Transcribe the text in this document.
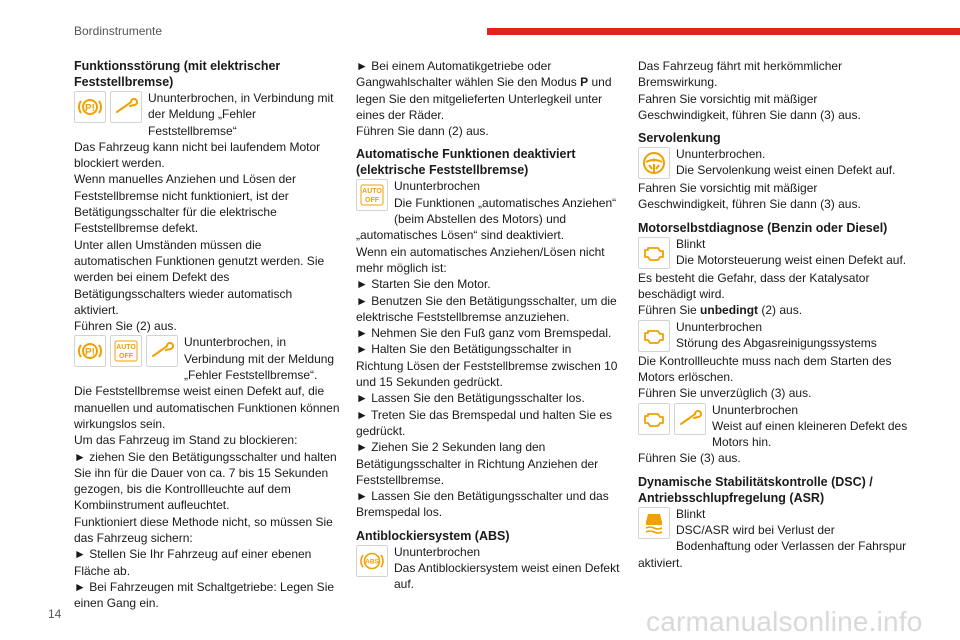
Bordinstrumente
Funktionsstörung (mit elektrischer Feststellbremse)
P!

Ununterbrochen, in Verbindung mit der Meldung „Fehler Feststellbremse“

Das Fahrzeug kann nicht bei laufendem Motor blockiert werden.

Wenn manuelles Anziehen und Lösen der Feststellbremse nicht funktioniert, ist der Betätigungsschalter für die elektrische Feststellbremse defekt.

Unter allen Umständen müssen die automatischen Funktionen genutzt werden. Sie werden bei einem Defekt des Betätigungsschalters wieder automatisch aktiviert.

Führen Sie (2) aus.

P!	AUTO
OFF

Ununterbrochen, in Verbindung mit der Meldung „Fehler Feststellbremse“.

Die Feststellbremse weist einen Defekt auf, die manuellen und automatischen Funktionen können wirkungslos sein.

Um das Fahrzeug im Stand zu blockieren:

► ziehen Sie den Betätigungsschalter und halten Sie ihn für die Dauer von ca. 7 bis 15 Sekunden gezogen, bis die Kontrollleuchte auf dem Kombiinstrument aufleuchtet.

Funktioniert diese Methode nicht, so müssen Sie das Fahrzeug sichern:

► Stellen Sie Ihr Fahrzeug auf einer ebenen Fläche ab.

► Bei Fahrzeugen mit Schaltgetriebe: Legen Sie einen Gang ein.

► Bei einem Automatikgetriebe oder Gangwahlschalter wählen Sie den Modus P und legen Sie den mitgelieferten Unterlegkeil unter eines der Räder.

Führen Sie dann (2) aus.

Automatische Funktionen deaktiviert (elektrische Feststellbremse)
AUTO
OFF

Ununterbrochen

Die Funktionen „automatisches Anziehen“ (beim Abstellen des Motors) und „automatisches Lösen“ sind deaktiviert.

Wenn ein automatisches Anziehen/Lösen nicht mehr möglich ist:

► Starten Sie den Motor.

► Benutzen Sie den Betätigungsschalter, um die elektrische Feststellbremse anzuziehen.

► Nehmen Sie den Fuß ganz vom Bremspedal.

► Halten Sie den Betätigungsschalter in Richtung Lösen der Feststellbremse zwischen 10 und 15 Sekunden gedrückt.

► Lassen Sie den Betätigungsschalter los.

► Treten Sie das Bremspedal und halten Sie es gedrückt.

► Ziehen Sie 2 Sekunden lang den Betätigungsschalter in Richtung Anziehen der Feststellbremse.

► Lassen Sie den Betätigungsschalter und das Bremspedal los.

Antiblockiersystem (ABS)
ABS

Ununterbrochen

Das Antiblockiersystem weist einen Defekt auf.

Das Fahrzeug fährt mit herkömmlicher Bremswirkung.

Fahren Sie vorsichtig mit mäßiger Geschwindigkeit, führen Sie dann (3) aus.

Servolenkung
!	Ununterbrochen.

Die Servolenkung weist einen Defekt auf.

Fahren Sie vorsichtig mit mäßiger Geschwindigkeit, führen Sie dann (3) aus.

Motorselbstdiagnose (Benzin oder Diesel)

Blinkt

Die Motorsteuerung weist einen Defekt auf.

Es besteht die Gefahr, dass der Katalysator beschädigt wird.

Führen Sie unbedingt (2) aus.

Ununterbrochen

Störung des Abgasreinigungssystems

Die Kontrollleuchte muss nach dem Starten des Motors erlöschen.

Führen Sie unverzüglich (3) aus.

Ununterbrochen

Weist auf einen kleineren Defekt des Motors hin.

Führen Sie (3) aus.

Dynamische Stabilitätskontrolle (DSC) / Antriebsschlupfregelung (ASR)

Blinkt

DSC/ASR wird bei Verlust der Bodenhaftung oder Verlassen der Fahrspur aktiviert.

14	carmanualsonline.info
